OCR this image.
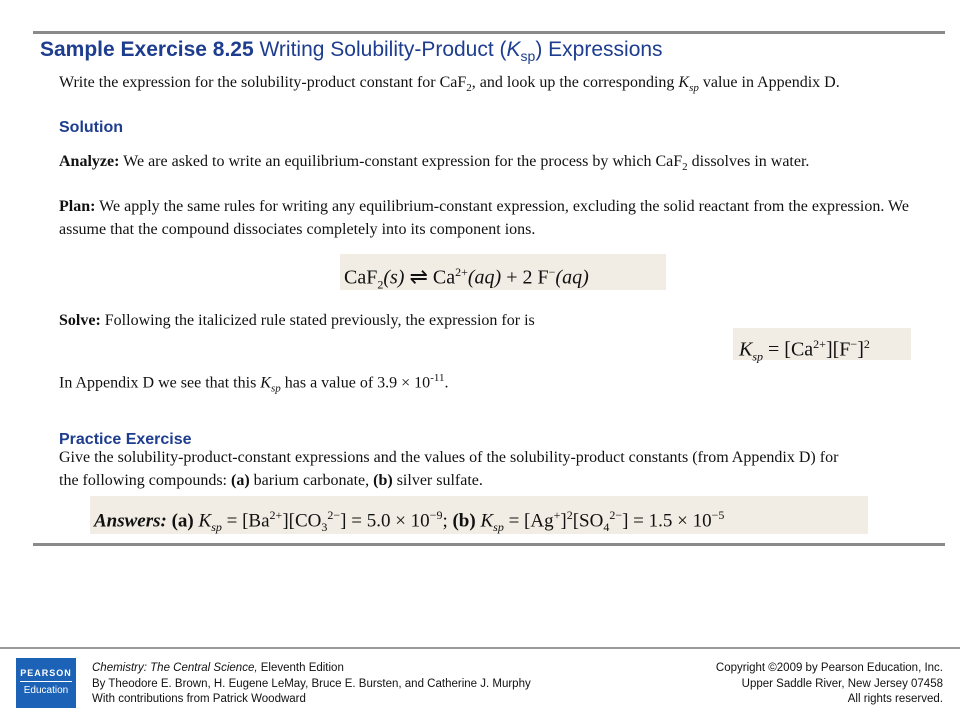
Sample Exercise 8.25 Writing Solubility-Product $(K_{sp})$ Expressions
Write the expression for the solubility-product constant for CaF$_2$, and look up the corresponding $K_{sp}$ value in Appendix D.
Solution
Analyze: We are asked to write an equilibrium-constant expression for the process by which CaF$_2$ dissolves in water.
Plan: We apply the same rules for writing any equilibrium-constant expression, excluding the solid reactant from the expression. We assume that the compound dissociates completely into its component ions.
CaF$_2$(s) ⇌ $Ca^{2+}(aq) + 2$ F−(aq)
Solve: Following the italicized rule stated previously, the expression for is
$K_{sp} = [Ca^{2+}][F^-]^2$
In Appendix D we see that this $K_{sp}$ has a value of $3.9 \times 10^{-11}$.
Practice Exercise
Give the solubility-product-constant expressions and the values of the solubility-product constants (from Appendix D) for the following compounds: (a) barium carbonate, (b) silver sulfate.
Answers: (a) $K_{sp} = [Ba^{2+}][CO_3^{2-}] = 5.0 \times 10^{-9}$; (b) $K_{sp} = [Ag^+]^2[SO_4^{2-}] = 1.5 \times 10^{-5}$
PEARSON
Education
Chemistry: The Central Science, Eleventh Edition
By Theodore E. Brown, H. Eugene LeMay, Bruce E. Bursten, and Catherine J. Murphy
With contributions from Patrick Woodward
Copyright ©2009 by Pearson Education, Inc.
Upper Saddle River, New Jersey 07458
All rights reserved.
